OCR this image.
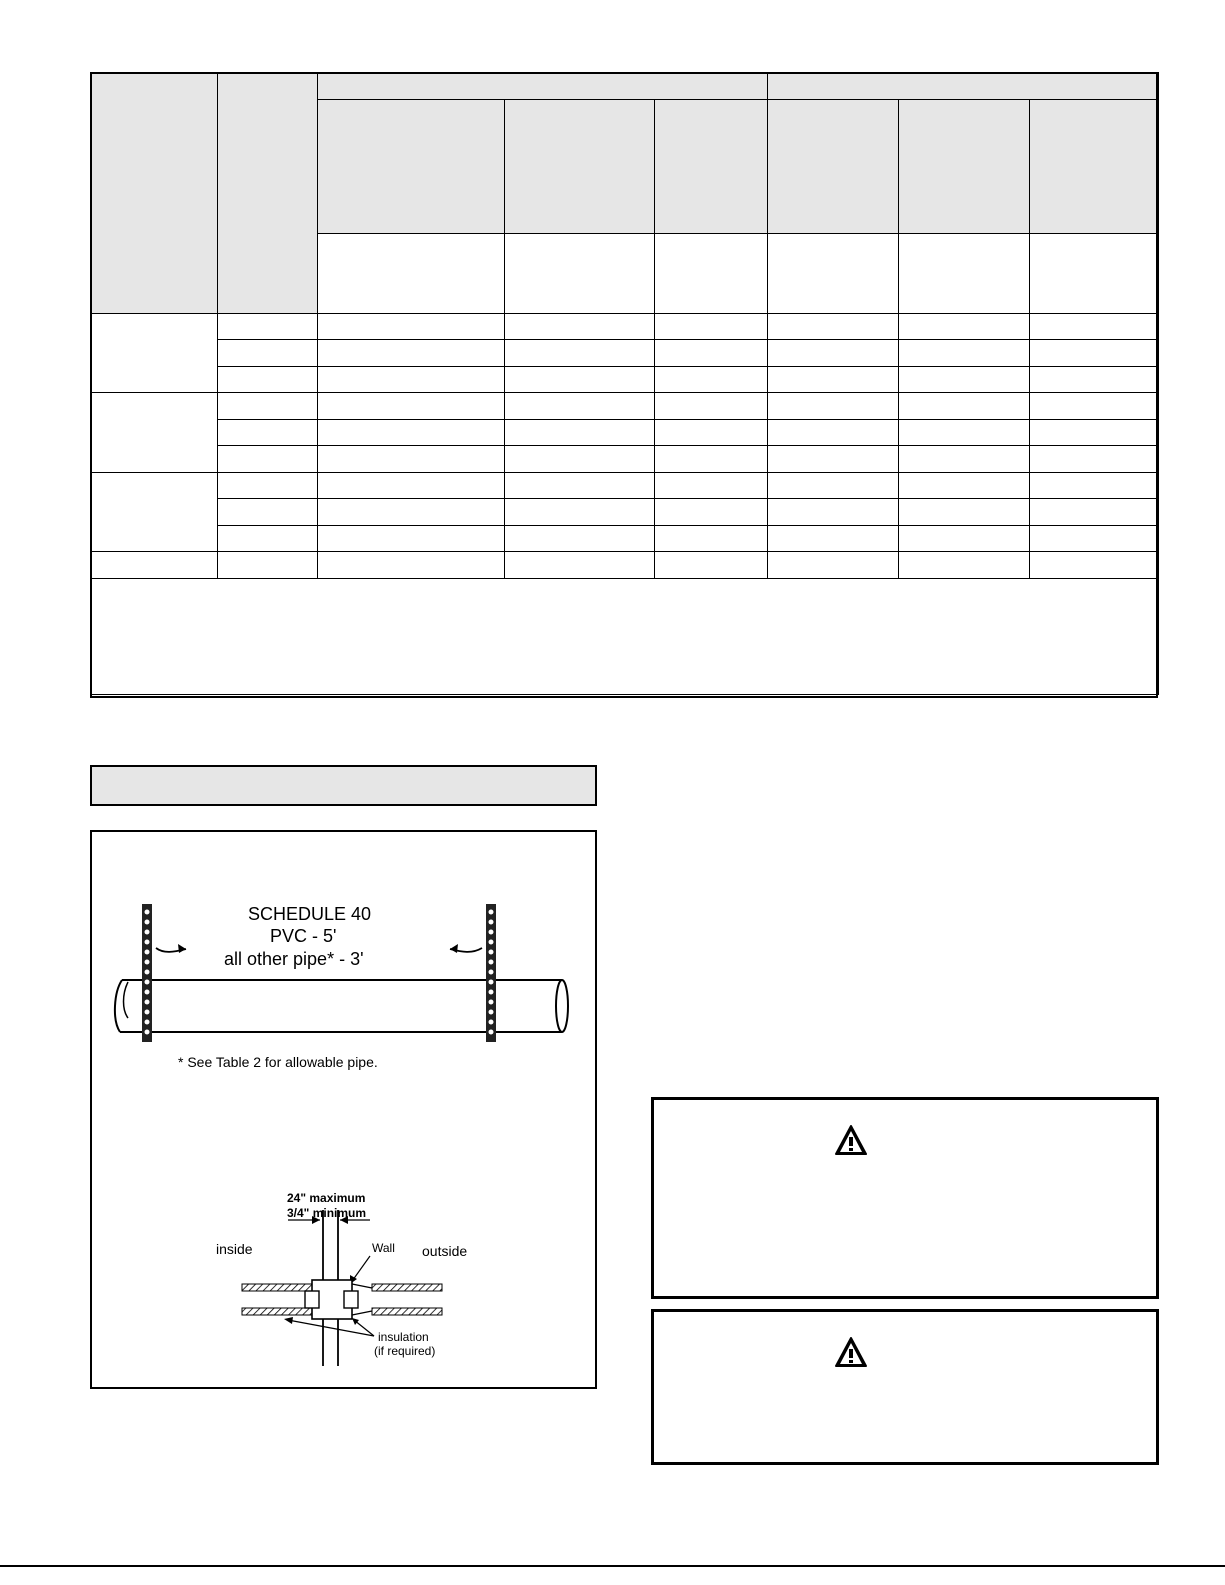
SCHEDULE 40
PVC - 5'
all other pipe* - 3'
* See Table 2 for allowable pipe.
24" maximum
3/4" minimum
inside	Wall outside
insulation
(if required)
